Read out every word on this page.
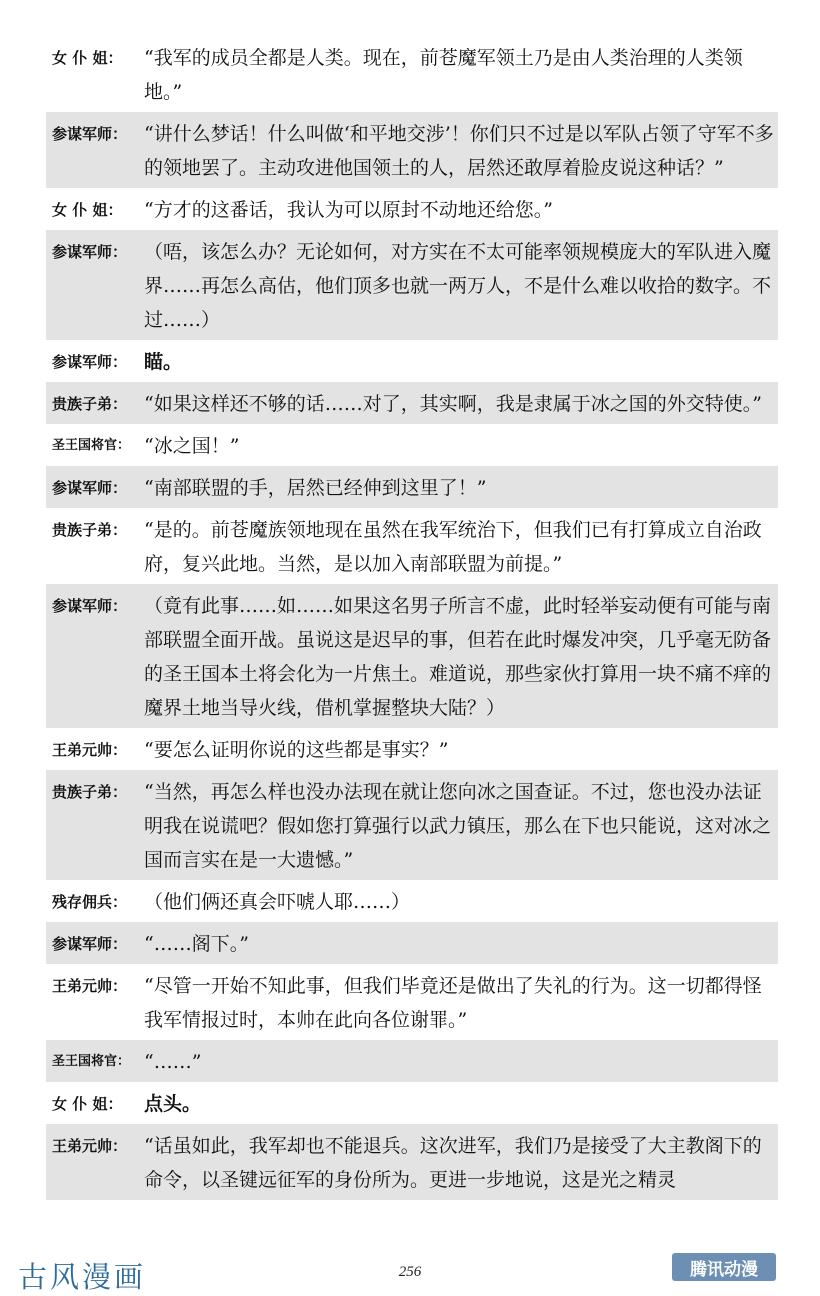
女 仆 姐：	“我军的成员全都是人类。现在，前苍魔军领土乃是由人类治理的人类领地。”
参谋军师： “讲什么梦话！什么叫做‘和平地交涉’！你们只不过是以军队占领了守军不多的领地罢了。主动攻进他国领土的人，居然还敢厚着脸皮说这种话？”
女 仆 姐：	“方才的这番话，我认为可以原封不动地还给您。”
参谋军师： （唔，该怎么办？无论如何，对方实在不太可能率领规模庞大的军队进入魔界……再怎么高估，他们顶多也就一两万人，不是什么难以收拾的数字。不过……）
参谋军师： 瞄。
贵族子弟： “如果这样还不够的话……对了，其实啊，我是隶属于冰之国的外交特使。”
圣王国将官： “冰之国！”
参谋军师： “南部联盟的手，居然已经伸到这里了！”
贵族子弟： “是的。前苍魔族领地现在虽然在我军统治下，但我们已有打算成立自治政府，复兴此地。当然，是以加入南部联盟为前提。”
参谋军师： （竟有此事……如……如果这名男子所言不虚，此时轻举妄动便有可能与南部联盟全面开战。虽说这是迟早的事，但若在此时爆发冲突，几乎毫无防备的圣王国本土将会化为一片焦土。难道说，那些家伙打算用一块不痛不痒的魔界土地当导火线，借机掌握整块大陆？）
王弟元帅： “要怎么证明你说的这些都是事实？”
贵族子弟： “当然，再怎么样也没办法现在就让您向冰之国查证。不过，您也没办法证明我在说谎吧？假如您打算强行以武力镇压，那么在下也只能说，这对冰之国而言实在是一大遗憾。”
残存佣兵： （他们俩还真会吓唬人耶……）
参谋军师： “……阁下。”
王弟元帅： “尽管一开始不知此事，但我们毕竟还是做出了失礼的行为。这一切都得怪我军情报过时，本帅在此向各位谢罪。”
圣王国将官： “……”
女 仆 姐：	点头。
王弟元帅： “话虽如此，我军却也不能退兵。这次进军，我们乃是接受了大主教阁下的命令，以圣键远征军的身份所为。更进一步地说，这是光之精灵
古风漫画	256	腾讯动漫
